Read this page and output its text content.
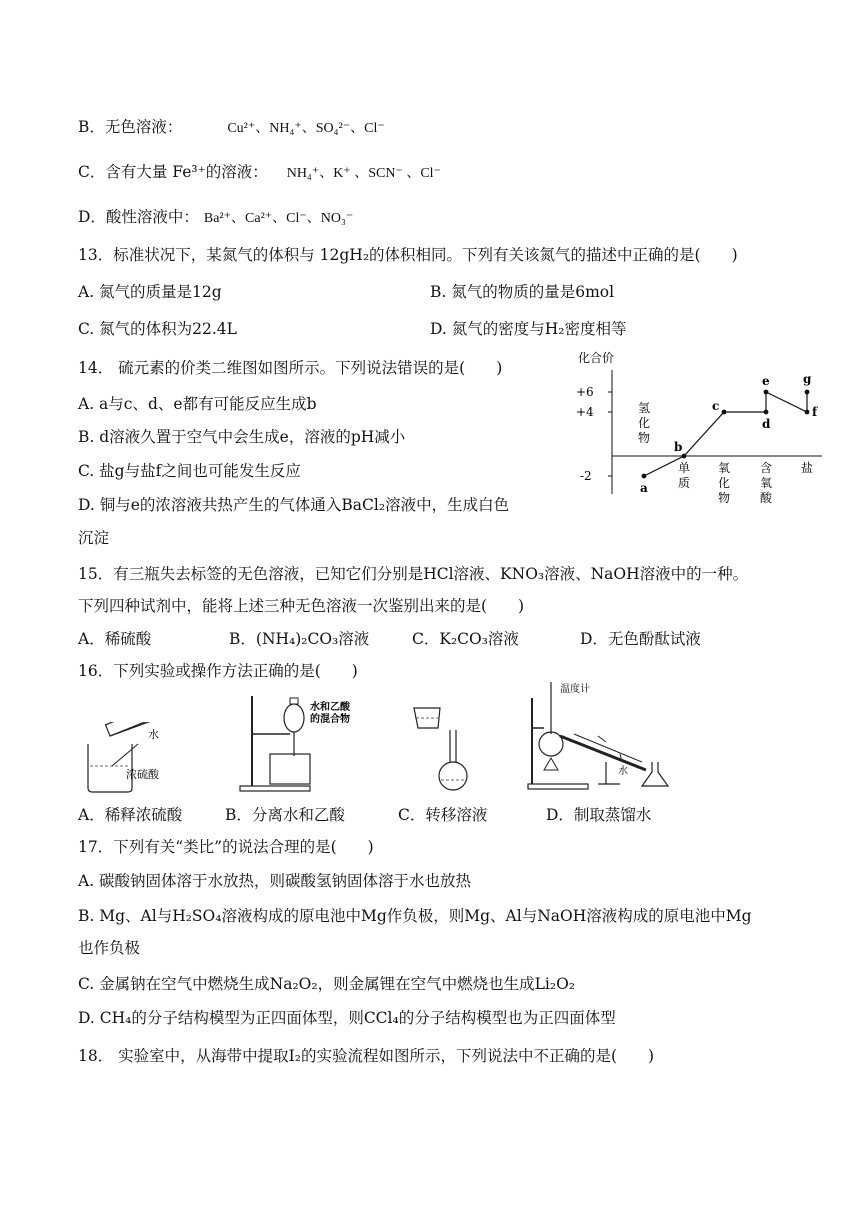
B．无色溶液：	Cu²⁺、NH₄⁺、SO₄²⁻、Cl⁻
C．含有大量 Fe³⁺的溶液： NH₄⁺、K⁺ 、SCN⁻ 、Cl⁻
D．酸性溶液中： Ba²⁺、Ca²⁺、Cl⁻、NO₃⁻
13．标准状况下，某氮气的体积与 12gH₂的体积相同。下列有关该氮气的描述中正确的是(　　)
A. 氮气的质量是12g	B. 氮气的物质的量是6mol
C. 氮气的体积为22.4L	D. 氮气的密度与H₂密度相等
14． 硫元素的价类二维图如图所示。下列说法错误的是(　　)
A. a与c、d、e都有可能反应生成b
B. d溶液久置于空气中会生成e，溶液的pH减小
C. 盐g与盐f之间也可能发生反应
D. 铜与e的浓溶液共热产生的气体通入BaCl₂溶液中，生成白色
沉淀
化合价
+6
+4
-2
氢
化
物
单
质
氧
化
物
含
氧
酸
盐
a
b
c
d
e
f
g
15．有三瓶失去标签的无色溶液，已知它们分别是HCl溶液、KNO₃溶液、NaOH溶液中的一种。
下列四种试剂中，能将上述三种无色溶液一次鉴别出来的是(　　)
A．稀硫酸	B．(NH₄)₂CO₃溶液	C．K₂CO₃溶液	D．无色酚酞试液
16．下列实验或操作方法正确的是(　　)
水
浓硫酸
水和乙酸
的混合物
温度计
水
A．稀释浓硫酸	B．分离水和乙酸	C．转移溶液	D．制取蒸馏水
17．下列有关“类比”的说法合理的是(　　)
A. 碳酸钠固体溶于水放热，则碳酸氢钠固体溶于水也放热
B. Mg、Al与H₂SO₄溶液构成的原电池中Mg作负极，则Mg、Al与NaOH溶液构成的原电池中Mg
也作负极
C. 金属钠在空气中燃烧生成Na₂O₂，则金属锂在空气中燃烧也生成Li₂O₂
D. CH₄的分子结构模型为正四面体型，则CCl₄的分子结构模型也为正四面体型
18． 实验室中，从海带中提取I₂的实验流程如图所示，下列说法中不正确的是(　　)
